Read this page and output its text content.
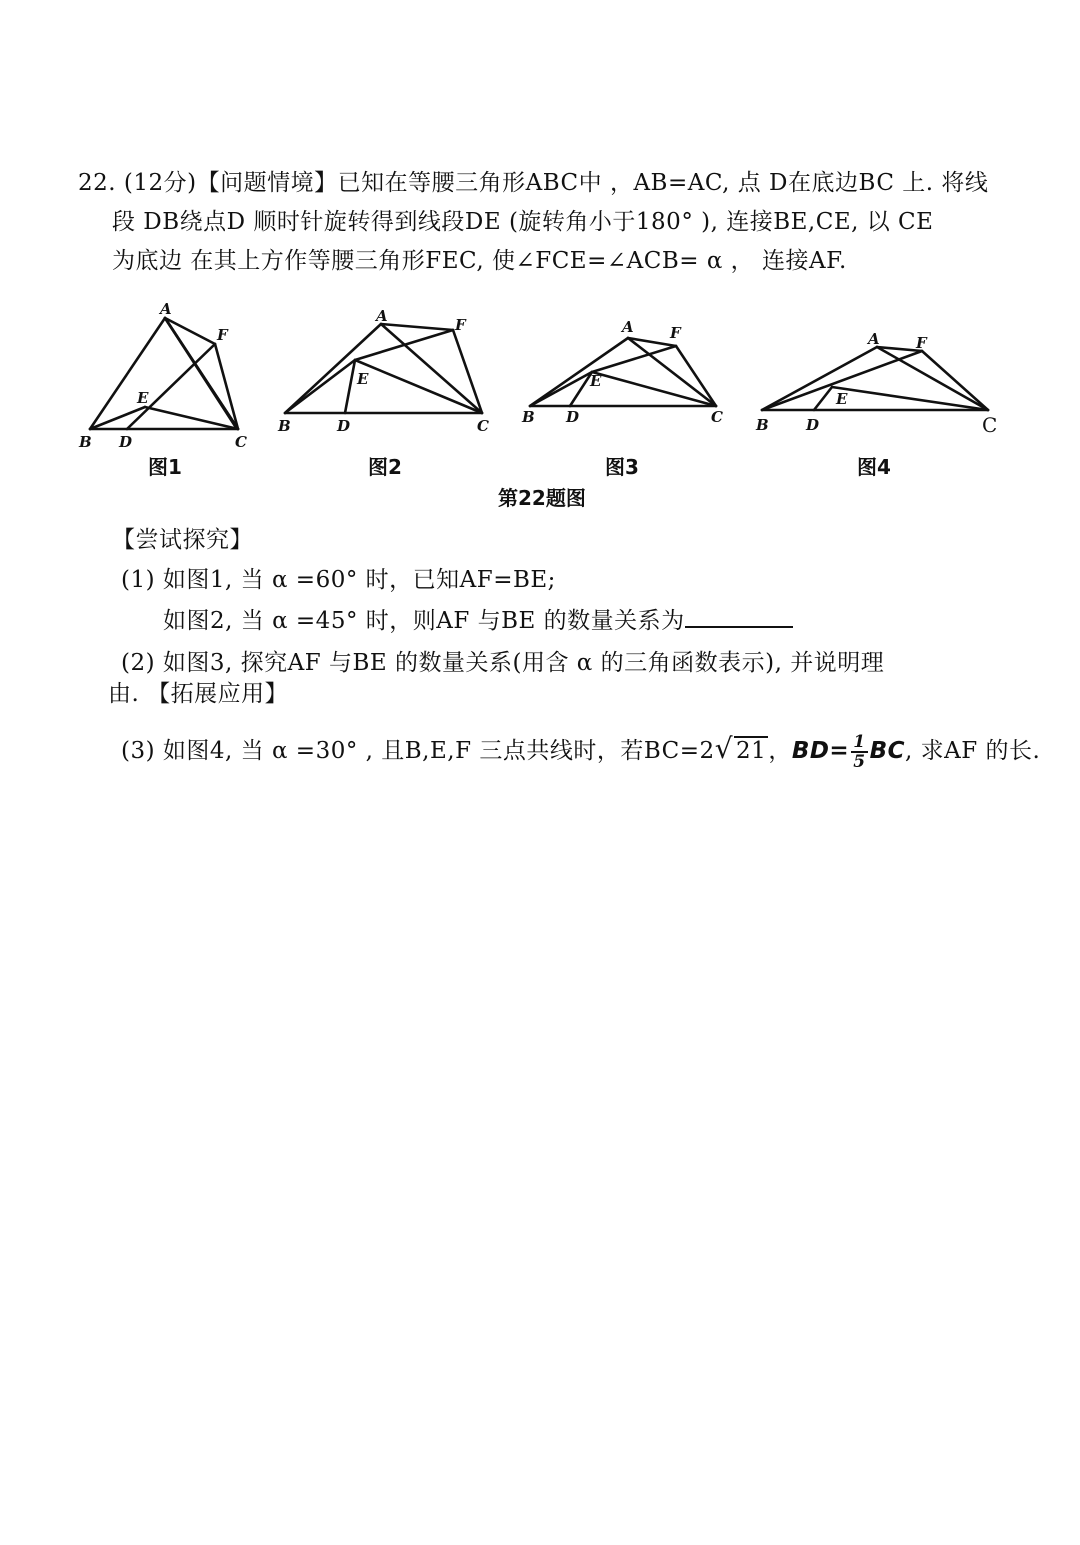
22. (12分)【问题情境】已知在等腰三角形ABC中 ，AB=AC, 点 D在底边BC 上. 将线
段 DB绕点D 顺时针旋转得到线段DE (旋转角小于180° ), 连接BE,CE, 以 CE
为底边 在其上方作等腰三角形FEC, 使∠FCE=∠ACB= α ， 连接AF.
A
B	C
D
E
F
图1
A
B	C
D
E
F
图2
A
B	C
D
E
F
图3
A
B	C
D
E
F
图4
第22题图
【尝试探究】
(1) 如图1, 当 α =60° 时，已知AF=BE;
如图2, 当 α =45° 时，则AF 与BE 的数量关系为
(2) 如图3, 探究AF 与BE 的数量关系(用含 α 的三角函数表示), 并说明理
由. 【拓展应用】
(3) 如图4, 当 α =30° , 且B,E,F 三点共线时，若BC=2√ 21，$BD= \frac{1}{5}$ BC, 求AF 的长.
